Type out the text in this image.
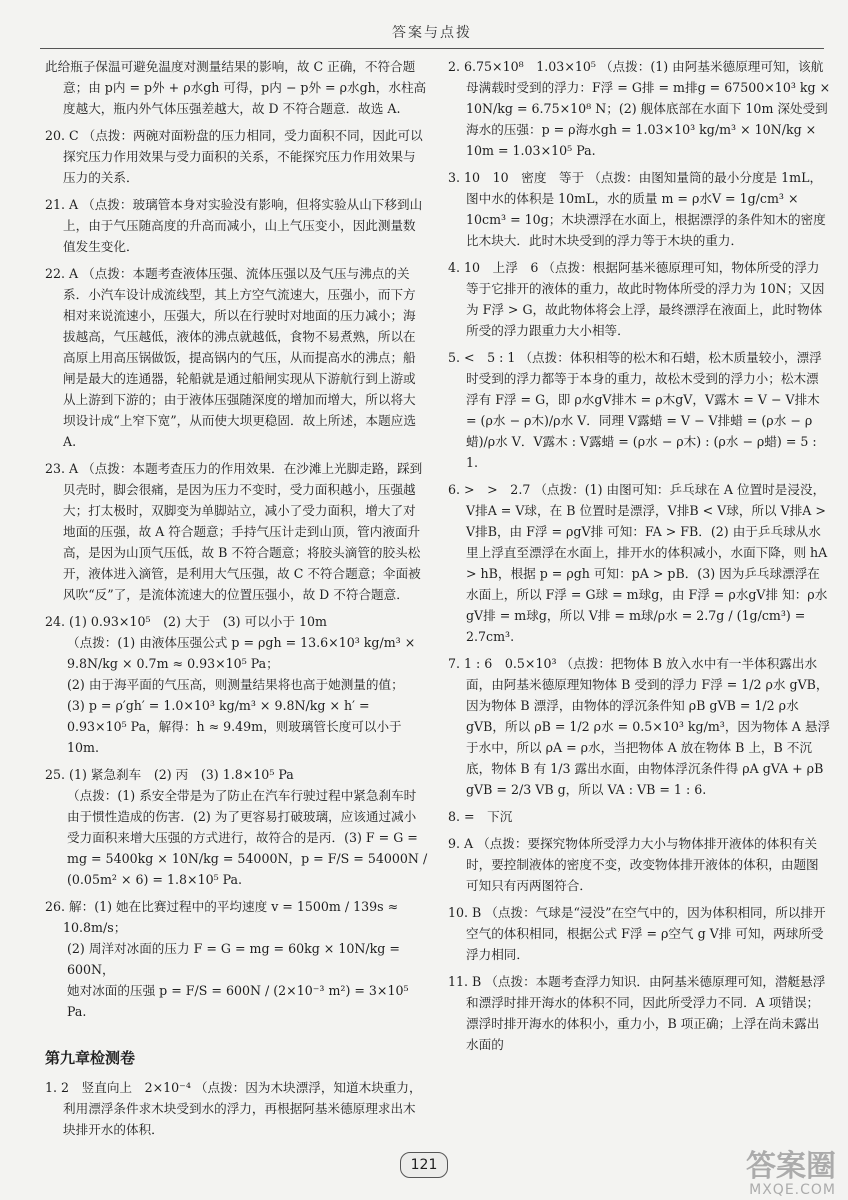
答案与点拨
此给瓶子保温可避免温度对测量结果的影响，故 C 正确，不符合题意；由 p内 = p外 + ρ水gh 可得，p内 − p外 = ρ水gh，水柱高度越大，瓶内外气体压强差越大，故 D 不符合题意．故选 A.
20. C （点拨：两碗对面粉盘的压力相同，受力面积不同，因此可以探究压力作用效果与受力面积的关系，不能探究压力作用效果与压力的关系．
21. A （点拨：玻璃管本身对实验没有影响，但将实验从山下移到山上，由于气压随高度的升高而减小，山上气压变小，因此测量数值发生变化．
22. A （点拨：本题考查液体压强、流体压强以及气压与沸点的关系．小汽车设计成流线型，其上方空气流速大，压强小，而下方相对来说流速小，压强大，所以在行驶时对地面的压力减小；海拔越高，气压越低，液体的沸点就越低，食物不易煮熟，所以在高原上用高压锅做饭，提高锅内的气压，从而提高水的沸点；船闸是最大的连通器，轮船就是通过船闸实现从下游航行到上游或从上游到下游的；由于液体压强随深度的增加而增大，所以将大坝设计成“上窄下宽”，从而使大坝更稳固．故上所述，本题应选 A.
23. A （点拨：本题考查压力的作用效果．在沙滩上光脚走路，踩到贝壳时，脚会很痛，是因为压力不变时，受力面积越小，压强越大；打太极时，双脚变为单脚站立，减小了受力面积，增大了对地面的压强，故 A 符合题意；手持气压计走到山顶，管内液面升高，是因为山顶气压低，故 B 不符合题意；将胶头滴管的胶头松开，液体进入滴管，是利用大气压强，故 C 不符合题意；伞面被风吹“反”了，是流体流速大的位置压强小，故 D 不符合题意．
24. (1) 0.93×10⁵　(2) 大于　(3) 可以小于 10m
（点拨：(1) 由液体压强公式 p = ρgh = 13.6×10³ kg/m³ × 9.8N/kg × 0.7m ≈ 0.93×10⁵ Pa；
(2) 由于海平面的气压高，则测量结果将也高于她测量的值；
(3) p = ρ′gh′ = 1.0×10³ kg/m³ × 9.8N/kg × h′ = 0.93×10⁵ Pa，解得：h ≈ 9.49m，则玻璃管长度可以小于 10m.
25. (1) 紧急刹车　(2) 丙　(3) 1.8×10⁵ Pa
（点拨：(1) 系安全带是为了防止在汽车行驶过程中紧急刹车时由于惯性造成的伤害．(2) 为了更容易打破玻璃，应该通过减小受力面积来增大压强的方式进行，故符合的是丙．(3) F = G = mg = 5400kg × 10N/kg = 54000N，p = F/S = 54000N / (0.05m² × 6) = 1.8×10⁵ Pa.
26. 解：(1) 她在比赛过程中的平均速度 v = 1500m / 139s ≈ 10.8m/s；
(2) 周洋对冰面的压力 F = G = mg = 60kg × 10N/kg = 600N，
她对冰面的压强 p = F/S = 600N / (2×10⁻³ m²) = 3×10⁵ Pa.
第九章检测卷
1. 2　竖直向上　2×10⁻⁴ （点拨：因为木块漂浮，知道木块重力，利用漂浮条件求木块受到水的浮力，再根据阿基米德原理求出木块排开水的体积．
2. 6.75×10⁸　1.03×10⁵ （点拨：(1) 由阿基米德原理可知，该航母满载时受到的浮力：F浮 = G排 = m排g = 67500×10³ kg × 10N/kg = 6.75×10⁸ N；(2) 舰体底部在水面下 10m 深处受到海水的压强：p = ρ海水gh = 1.03×10³ kg/m³ × 10N/kg × 10m = 1.03×10⁵ Pa.
3. 10　10　密度　等于 （点拨：由图知量筒的最小分度是 1mL，图中水的体积是 10mL，水的质量 m = ρ水V = 1g/cm³ × 10cm³ = 10g；木块漂浮在水面上，根据漂浮的条件知木的密度比木块大．此时木块受到的浮力等于木块的重力．
4. 10　上浮　6 （点拨：根据阿基米德原理可知，物体所受的浮力等于它排开的液体的重力，故此时物体所受的浮力为 10N；又因为 F浮 > G，故此物体将会上浮，最终漂浮在液面上，此时物体所受的浮力跟重力大小相等．
5. <　5 : 1 （点拨：体积相等的松木和石蜡，松木质量较小，漂浮时受到的浮力都等于本身的重力，故松木受到的浮力小；松木漂浮有 F浮 = G，即 ρ水gV排木 = ρ木gV，V露木 = V − V排木 = (ρ水 − ρ木)/ρ水 V．同理 V露蜡 = V − V排蜡 = (ρ水 − ρ蜡)/ρ水 V．V露木 : V露蜡 = (ρ水 − ρ木) : (ρ水 − ρ蜡) = 5 : 1.
6. >　>　2.7 （点拨：(1) 由图可知：乒乓球在 A 位置时是浸没，V排A = V球，在 B 位置时是漂浮，V排B < V球，所以 V排A > V排B，由 F浮 = ρgV排 可知：FA > FB．(2) 由于乒乓球从水里上浮直至漂浮在水面上，排开水的体积减小，水面下降，则 hA > hB，根据 p = ρgh 可知：pA > pB．(3) 因为乒乓球漂浮在水面上，所以 F浮 = G球 = m球g，由 F浮 = ρ水gV排 知：ρ水gV排 = m球g，所以 V排 = m球/ρ水 = 2.7g / (1g/cm³) = 2.7cm³.
7. 1 : 6　0.5×10³ （点拨：把物体 B 放入水中有一半体积露出水面，由阿基米德原理知物体 B 受到的浮力 F浮 = 1/2 ρ水 gVB，因为物体 B 漂浮，由物体的浮沉条件知 ρB gVB = 1/2 ρ水 gVB，所以 ρB = 1/2 ρ水 = 0.5×10³ kg/m³，因为物体 A 悬浮于水中，所以 ρA = ρ水，当把物体 A 放在物体 B 上，B 不沉底，物体 B 有 1/3 露出水面，由物体浮沉条件得 ρA gVA + ρB gVB = 2/3 VB g，所以 VA : VB = 1 : 6.
8. =　下沉
9. A （点拨：要探究物体所受浮力大小与物体排开液体的体积有关时，要控制液体的密度不变，改变物体排开液体的体积，由题图可知只有丙两图符合．
10. B （点拨：气球是“浸没”在空气中的，因为体积相同，所以排开空气的体积相同，根据公式 F浮 = ρ空气 g V排 可知，两球所受浮力相同．
11. B （点拨：本题考查浮力知识．由阿基米德原理可知，潜艇悬浮和漂浮时排开海水的体积不同，因此所受浮力不同．A 项错误；漂浮时排开海水的体积小，重力小，B 项正确；上浮在尚未露出水面的
121	答案圈
MXQE.COM
